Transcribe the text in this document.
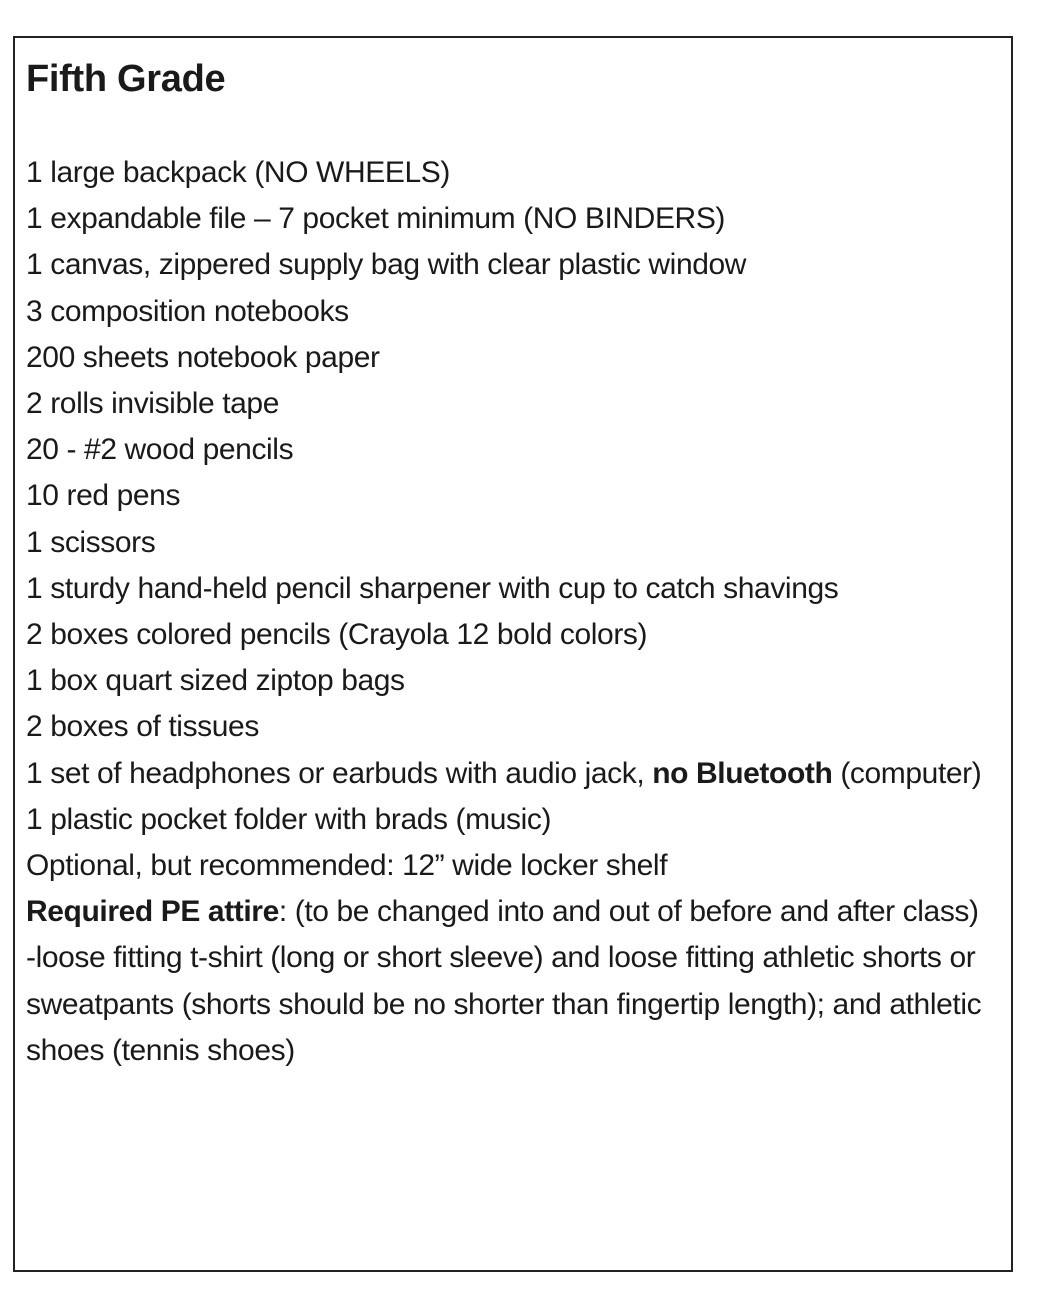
Fifth Grade
1 large backpack (NO WHEELS)
1 expandable file – 7 pocket minimum (NO BINDERS)
1 canvas, zippered supply bag with clear plastic window
3 composition notebooks
200 sheets notebook paper
2 rolls invisible tape
20 - #2 wood pencils
10 red pens
1 scissors
1 sturdy hand-held pencil sharpener with cup to catch shavings
2 boxes colored pencils (Crayola 12 bold colors)
1 box quart sized ziptop bags
2 boxes of tissues
1 set of headphones or earbuds with audio jack, no Bluetooth (computer)
1 plastic pocket folder with brads (music)
Optional, but recommended: 12” wide locker shelf
Required PE attire: (to be changed into and out of before and after class) -loose fitting t-shirt (long or short sleeve) and loose fitting athletic shorts or sweatpants (shorts should be no shorter than fingertip length); and athletic shoes (tennis shoes)
